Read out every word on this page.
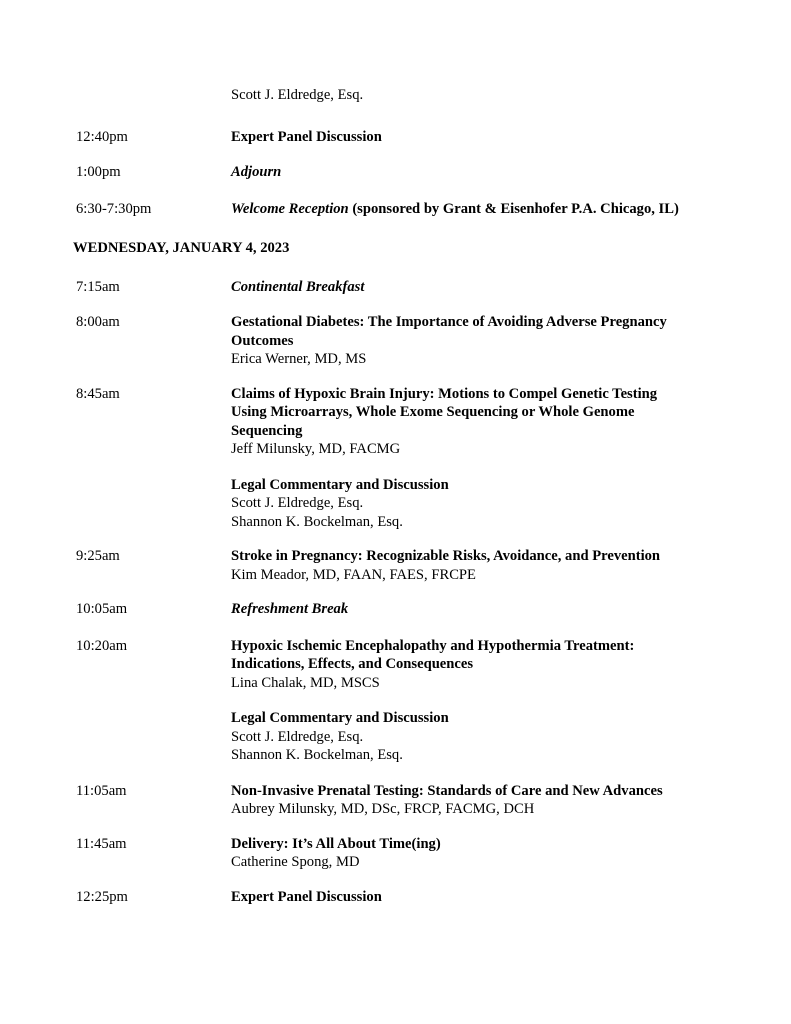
Scott J. Eldredge, Esq.
12:40pm	Expert Panel Discussion
1:00pm	Adjourn
6:30-7:30pm	Welcome Reception (sponsored by Grant & Eisenhofer P.A. Chicago, IL)
WEDNESDAY, JANUARY 4, 2023
7:15am	Continental Breakfast
8:00am	Gestational Diabetes: The Importance of Avoiding Adverse Pregnancy
Outcomes
Erica Werner, MD, MS
8:45am	Claims of Hypoxic Brain Injury: Motions to Compel Genetic Testing
Using Microarrays, Whole Exome Sequencing or Whole Genome
Sequencing
Jeff Milunsky, MD, FACMG
Legal Commentary and Discussion
Scott J. Eldredge, Esq.
Shannon K. Bockelman, Esq.
9:25am	Stroke in Pregnancy: Recognizable Risks, Avoidance, and Prevention
Kim Meador, MD, FAAN, FAES, FRCPE
10:05am	Refreshment Break
10:20am	Hypoxic Ischemic Encephalopathy and Hypothermia Treatment:
Indications, Effects, and Consequences
Lina Chalak, MD, MSCS
Legal Commentary and Discussion
Scott J. Eldredge, Esq.
Shannon K. Bockelman, Esq.
11:05am	Non-Invasive Prenatal Testing: Standards of Care and New Advances
Aubrey Milunsky, MD, DSc, FRCP, FACMG, DCH
11:45am	Delivery: It’s All About Time(ing)
Catherine Spong, MD
12:25pm	Expert Panel Discussion
